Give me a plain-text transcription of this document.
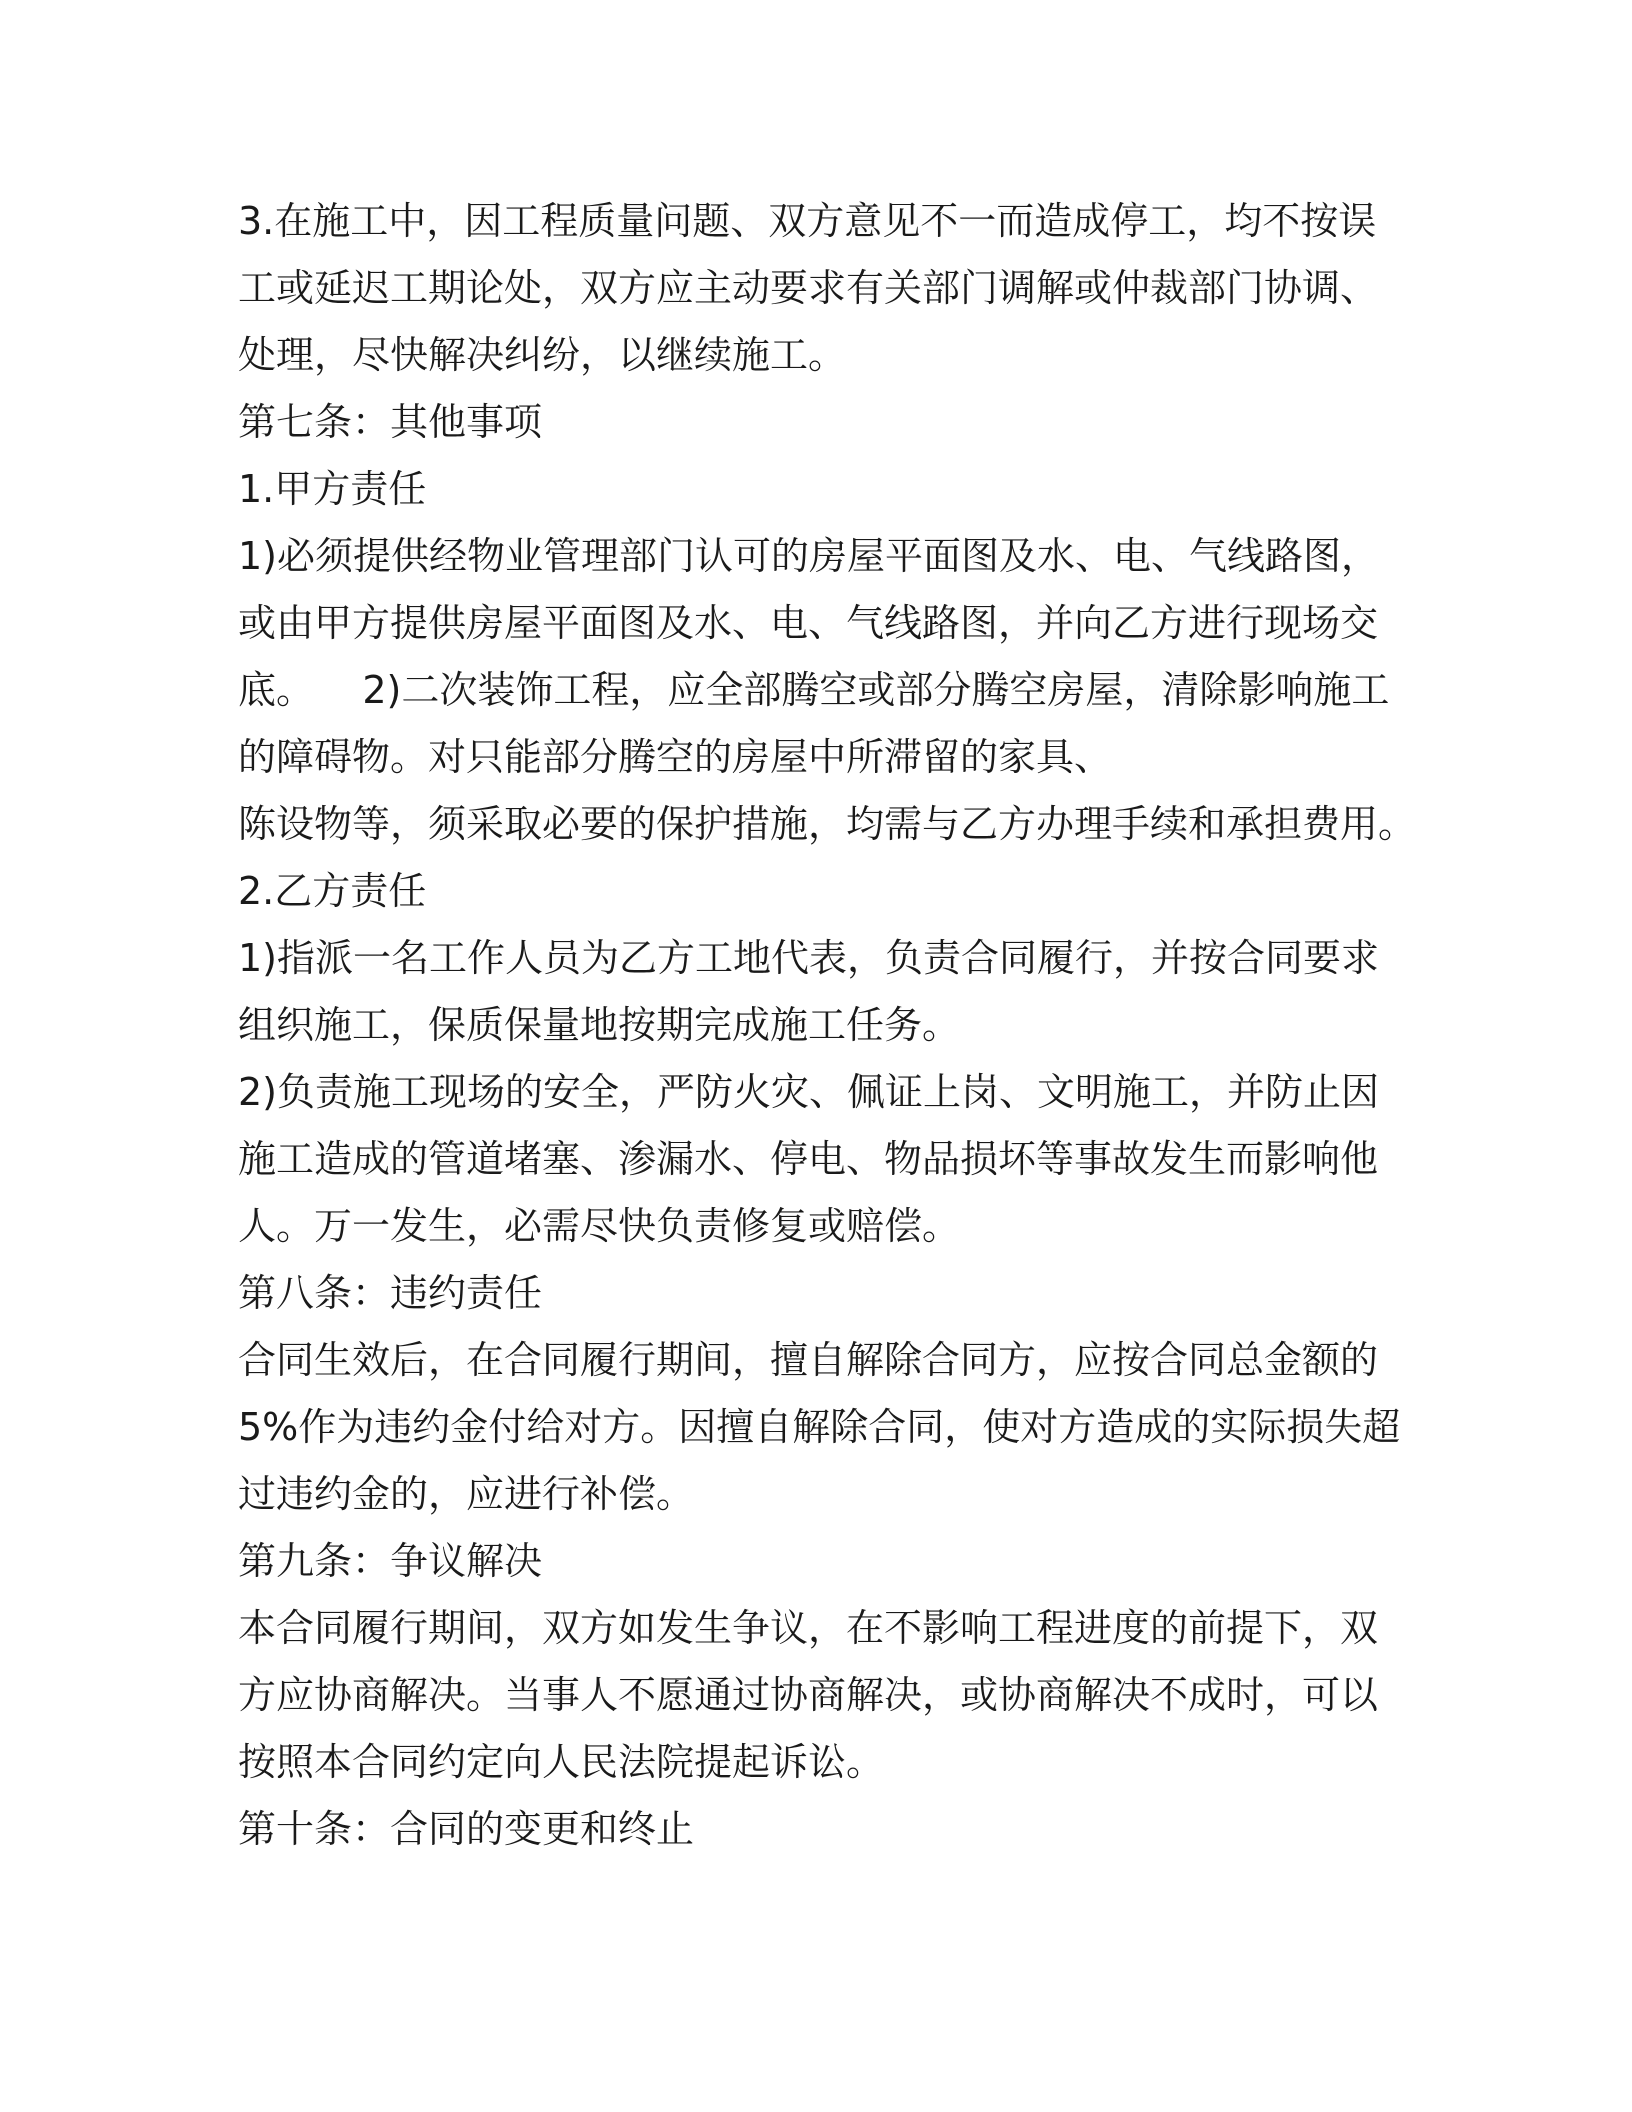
3.在施工中，因工程质量问题、双方意见不一而造成停工，均不按误
工或延迟工期论处，双方应主动要求有关部门调解或仲裁部门协调、
处理，尽快解决纠纷，以继续施工。
第七条：其他事项
1.甲方责任
1)必须提供经物业管理部门认可的房屋平面图及水、电、气线路图，
或由甲方提供房屋平面图及水、电、气线路图，并向乙方进行现场交
底。    2)二次装饰工程，应全部腾空或部分腾空房屋，清除影响施工
的障碍物。对只能部分腾空的房屋中所滞留的家具、
陈设物等，须采取必要的保护措施，均需与乙方办理手续和承担费用。
2.乙方责任
1)指派一名工作人员为乙方工地代表，负责合同履行，并按合同要求
组织施工，保质保量地按期完成施工任务。
2)负责施工现场的安全，严防火灾、佩证上岗、文明施工，并防止因
施工造成的管道堵塞、渗漏水、停电、物品损坏等事故发生而影响他
人。万一发生，必需尽快负责修复或赔偿。
第八条：违约责任
合同生效后，在合同履行期间，擅自解除合同方，应按合同总金额的
5%作为违约金付给对方。因擅自解除合同，使对方造成的实际损失超
过违约金的，应进行补偿。
第九条：争议解决
本合同履行期间，双方如发生争议，在不影响工程进度的前提下，双
方应协商解决。当事人不愿通过协商解决，或协商解决不成时，可以
按照本合同约定向人民法院提起诉讼。
第十条：合同的变更和终止
